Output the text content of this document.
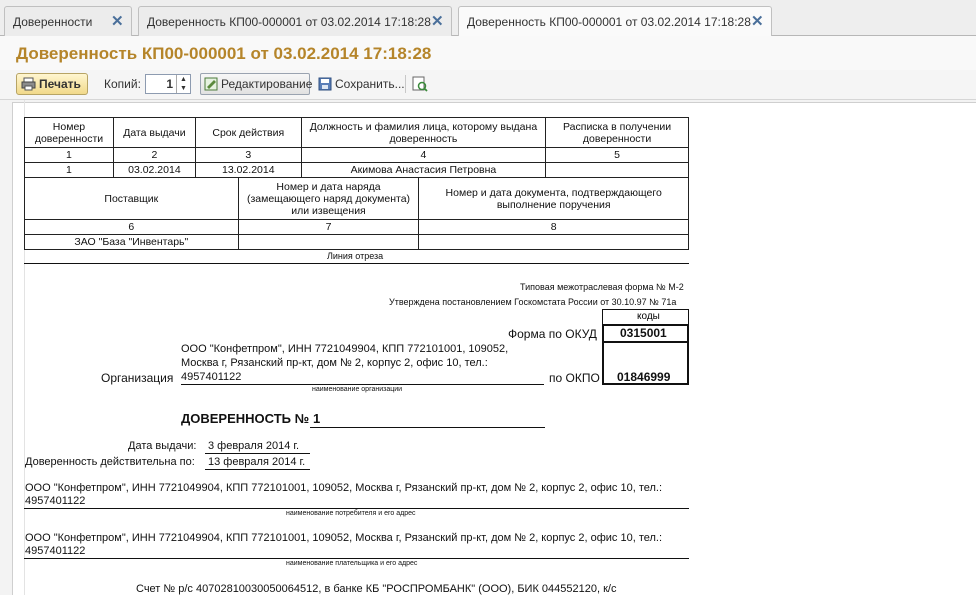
Доверенности ✕ Доверенность КП00-000001 от 03.02.2014 17:18:28 ✕ Доверенность КП00-000001 от 03.02.2014 17:18:28 ✕
Доверенность КП00-000001 от 03.02.2014 17:18:28
Печать Копий: 1	▲
▼	Редактирование Сохранить...
Номер доверенности	Дата выдачи	Срок действия	Должность и фамилия лица, которому выдана доверенность	Расписка в получении доверенности
1	2	3	4	5
1	03.02.2014	13.02.2014	Акимова Анастасия Петровна	
Поставщик	Номер и дата наряда (замещающего наряд документа) или извещения	Номер и дата документа, подтверждающего выполнение поручения
6	7	8
ЗАО "База "Инвентарь"		
Линия отреза
Типовая межотраслевая форма № М-2
Утверждена постановлением Госкомстата России от 30.10.97 № 71а
коды
0315001
01846999
Форма по ОКУД
по ОКПО
Организация
ООО "Конфетпром", ИНН 7721049904, КПП 772101001, 109052,
Москва г, Рязанский пр-кт, дом № 2, корпус 2, офис 10, тел.:
4957401122
наименование организации
ДОВЕРЕННОСТЬ № 1
Дата выдачи: 3 февраля 2014 г.
Доверенность действительна по: 13 февраля 2014 г.
ООО "Конфетпром", ИНН 7721049904, КПП 772101001, 109052, Москва г, Рязанский пр-кт, дом № 2, корпус 2, офис 10, тел.:
4957401122
наименование потребителя и его адрес
ООО "Конфетпром", ИНН 7721049904, КПП 772101001, 109052, Москва г, Рязанский пр-кт, дом № 2, корпус 2, офис 10, тел.:
4957401122
наименование плательщика и его адрес
Счет № р/с 40702810030050064512, в банке КБ "РОСПРОМБАНК" (ООО), БИК 044552120, к/с
